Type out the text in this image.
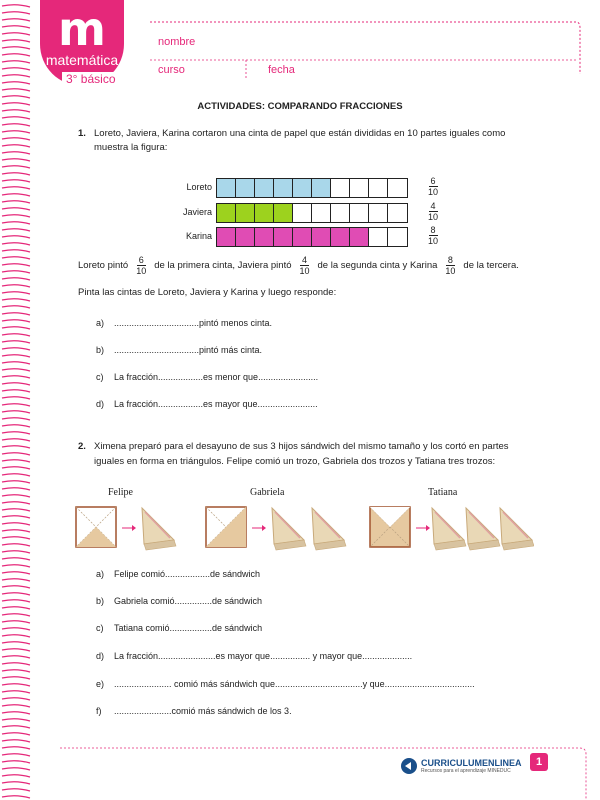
m
matemática
3° básico
nombre
curso	fecha
ACTIVIDADES: COMPARANDO FRACCIONES
1. Loreto, Javiera, Karina cortaron una cinta de papel que están divididas en 10 partes iguales como
muestra la figura:
Loreto	$\frac{6}{10}$
Javiera	$\frac{4}{10}$
Karina	$\frac{8}{10}$
Loreto pintó $\frac{6}{10}$ de la primera cinta, Javiera pintó $\frac{4}{10}$ de la segunda cinta y Karina $\frac{8}{10}$ de la tercera.
Pinta las cintas de Loreto, Javiera y Karina y luego responde:
a) ..................................pintó menos cinta.
b) ..................................pintó más cinta.
c) La fracción..................es menor que........................
d) La fracción..................es mayor que........................
2. Ximena preparó para el desayuno de sus 3 hijos sándwich del mismo tamaño y los cortó en partes
iguales en forma en triángulos. Felipe comió un trozo, Gabriela dos trozos y Tatiana tres trozos:
Felipe	Gabriela	Tatiana
a) Felipe comió..................de sándwich
b) Gabriela comió...............de sándwich
c) Tatiana comió.................de sándwich
d) La fracción.......................es mayor que................ y mayor que....................
e) ....................... comió más sándwich que...................................y que....................................
f) .......................comió más sándwich de los 3.
CURRICULUMENLINEA
Recursos para el aprendizaje MINEDUC
1
